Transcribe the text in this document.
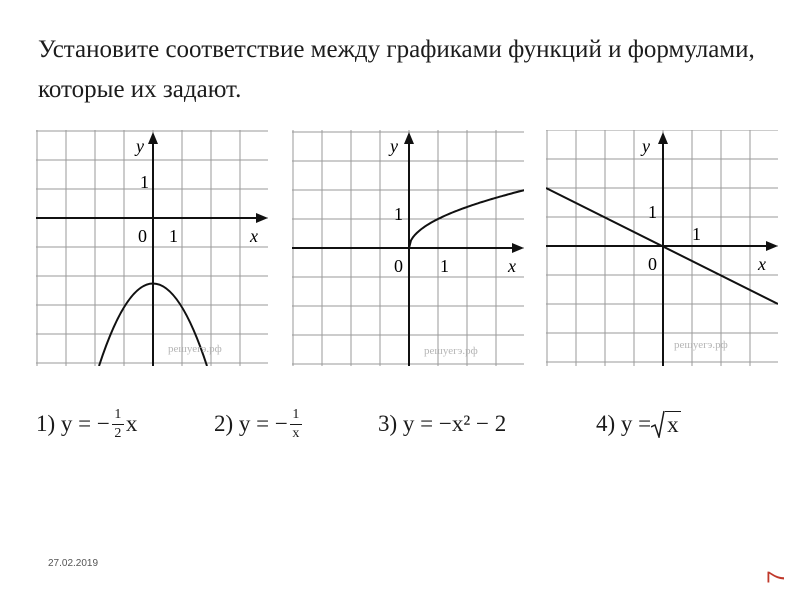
Установите соответствие между графиками функций и формулами, которые их задают.
y
1
0 1	x
решуегэ.рф
y
1
0 1	x
решуегэ.рф
y
1
0
1
x
решуегэ.рф
1) y = − $\frac{1}{2}$ x	2) y = − $\frac{1}{x}$	3) y = −x² − 2	4) y = x
27.02.2019
7
